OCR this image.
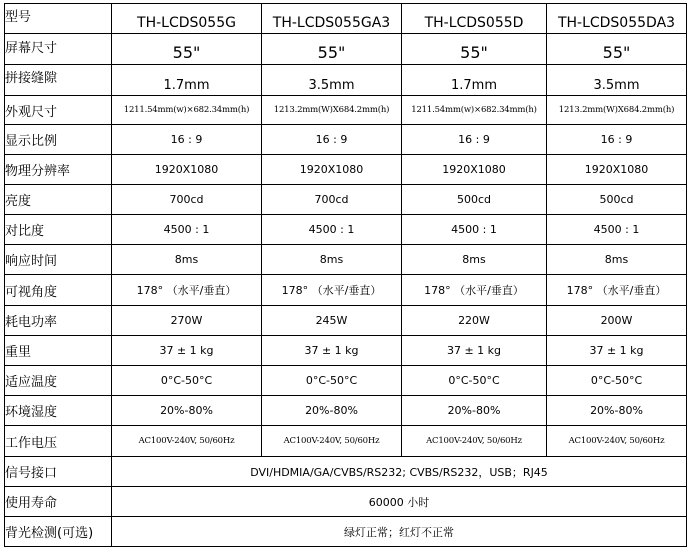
型号	TH-LCDS055G	TH-LCDS055GA3	TH-LCDS055D	TH-LCDS055DA3
屏幕尺寸	55"	55"	55"	55"
拼接缝隙	1.7mm	3.5mm	1.7mm	3.5mm
外观尺寸	1211.54mm(w)×682.34mm(h)	1213.2mm(W)X684.2mm(h)	1211.54mm(w)×682.34mm(h)	1213.2mm(W)X684.2mm(h)
显示比例	16 : 9	16 : 9	16 : 9	16 : 9
物理分辨率	1920X1080	1920X1080	1920X1080	1920X1080
亮度	700cd	700cd	500cd	500cd
对比度	4500 : 1	4500 : 1	4500 : 1	4500 : 1
响应时间	8ms	8ms	8ms	8ms
可视角度	178° （水平/垂直）	178° （水平/垂直）	178° （水平/垂直）	178° （水平/垂直）
耗电功率	270W	245W	220W	200W
重里	37 ± 1 kg	37 ± 1 kg	37 ± 1 kg	37 ± 1 kg
适应温度	0°C-50°C	0°C-50°C	0°C-50°C	0°C-50°C
环境湿度	20%-80%	20%-80%	20%-80%	20%-80%
工作电压	AC100V-240V, 50/60Hz	AC100V-240V, 50/60Hz	AC100V-240V, 50/60Hz	AC100V-240V, 50/60Hz
信号接口	DVI/HDMIA/GA/CVBS/RS232; CVBS/RS232，USB；RJ45			
使用寿命	60000 小时			
背光检测(可选)	绿灯正常；红灯不正常			
